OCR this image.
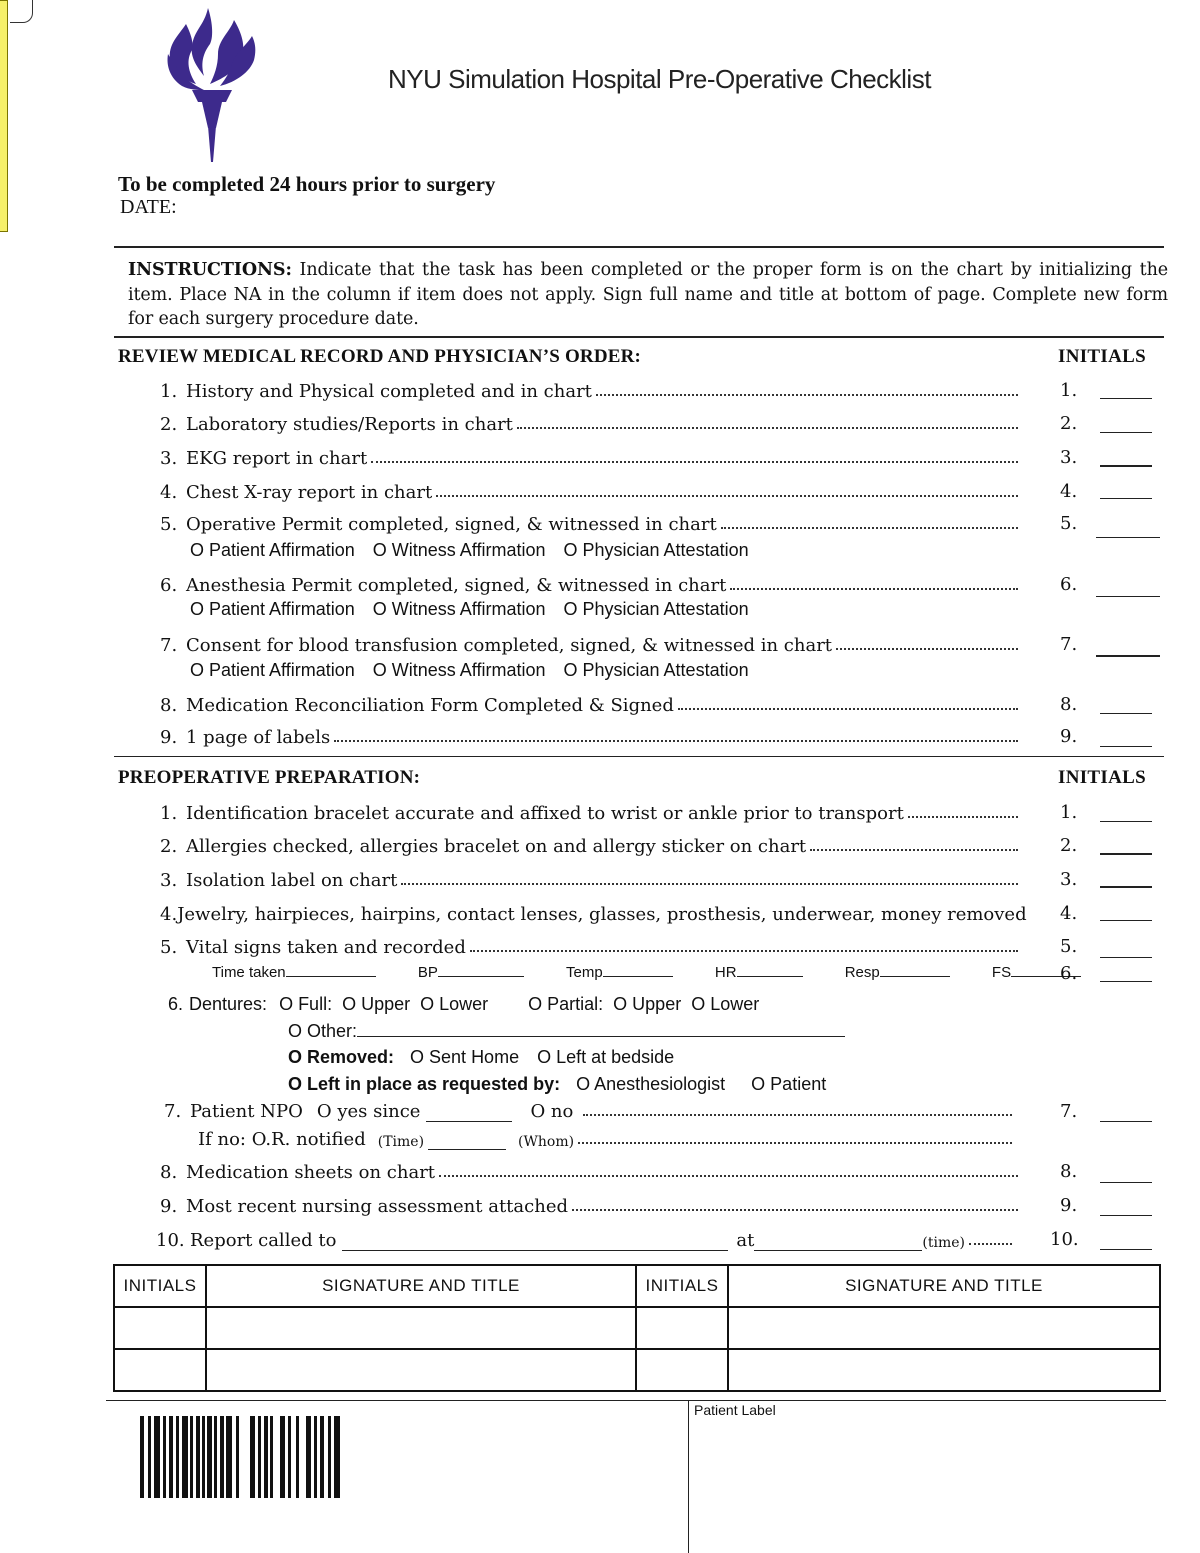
NYU Simulation Hospital Pre-Operative Checklist
To be completed 24 hours prior to surgery
DATE:
INSTRUCTIONS: Indicate that the task has been completed or the proper form is on the chart by initializing the item. Place NA in the column if item does not apply. Sign full name and title at bottom of page. Complete new form for each surgery procedure date.
REVIEW MEDICAL RECORD AND PHYSICIAN’S ORDER:	INITIALS
1. History and Physical completed and in chart	1.
2. Laboratory studies/Reports in chart	2.
3. EKG report in chart	3.
4. Chest X-ray report in chart	4.
5. Operative Permit completed, signed, & witnessed in chart	5.
O Patient Affirmation O Witness Affirmation O Physician Attestation
6. Anesthesia Permit completed, signed, & witnessed in chart	6.
O Patient Affirmation O Witness Affirmation O Physician Attestation
7. Consent for blood transfusion completed, signed, & witnessed in chart	7.
O Patient Affirmation O Witness Affirmation O Physician Attestation
8. Medication Reconciliation Form Completed & Signed	8.
9. 1 page of labels	9.
PREOPERATIVE PREPARATION:	INITIALS
1. Identification bracelet accurate and affixed to wrist or ankle prior to transport	1.
2. Allergies checked, allergies bracelet on and allergy sticker on chart	2.
3. Isolation label on chart	3.
4. Jewelry, hairpieces, hairpins, contact lenses, glasses, prosthesis, underwear, money removed 4.
5. Vital signs taken and recorded	5.
Time taken	BP	Temp	HR	Resp	FS	6.
6. Dentures: O Full: O Upper O Lower O Partial: O Upper O Lower
O Other:
O Removed: O Sent Home O Left at bedside
O Left in place as requested by: O Anesthesiologist O Patient
7. Patient NPO O yes since	O no	7.
If no: O.R. notified (Time)	(Whom)
8. Medication sheets on chart	8.
9. Most recent nursing assessment attached	9.
10. Report called to	at	(time)	10.
INITIALS	SIGNATURE AND TITLE	INITIALS	SIGNATURE AND TITLE

Patient Label
